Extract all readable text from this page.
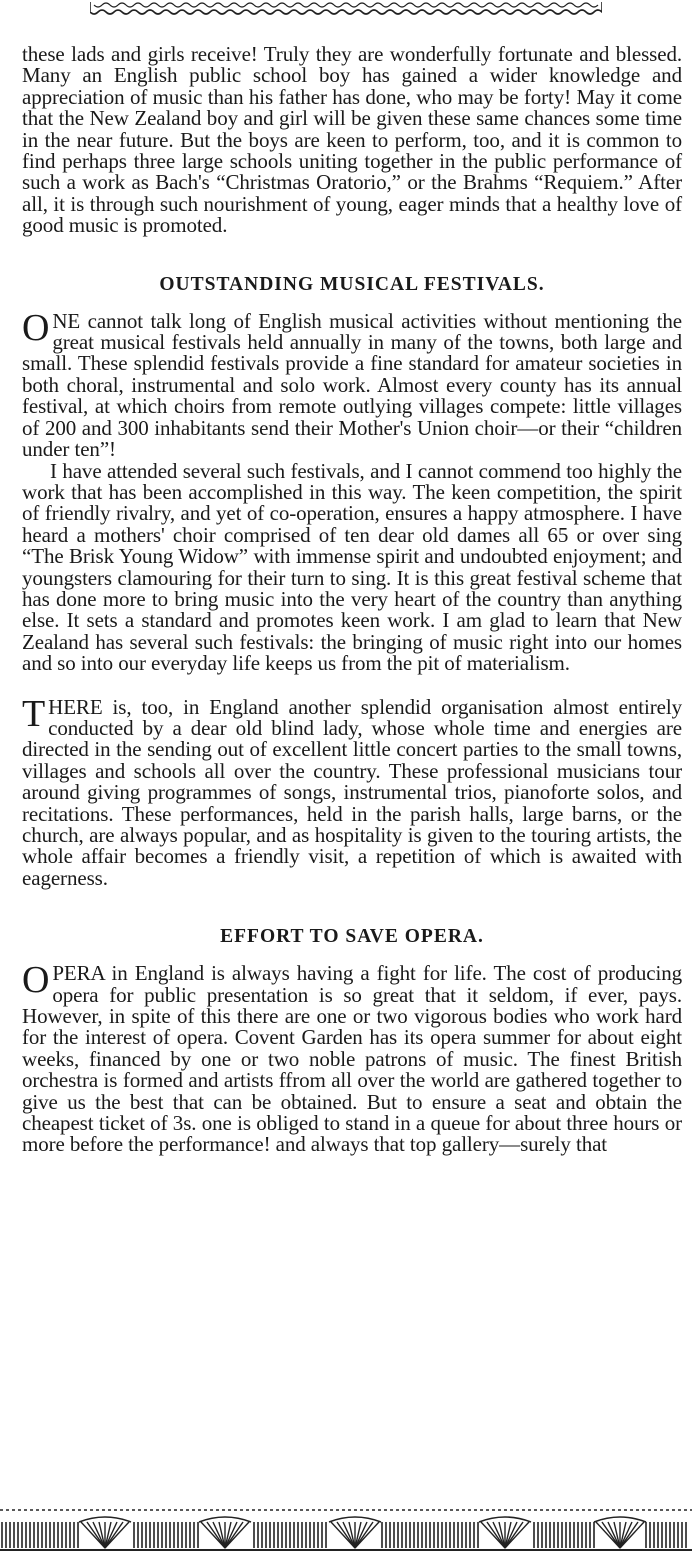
these lads and girls receive! Truly they are wonderfully fortunate and blessed. Many an English public school boy has gained a wider knowledge and appreciation of music than his father has done, who may be forty! May it come that the New Zealand boy and girl will be given these same chances some time in the near future. But the boys are keen to perform, too, and it is common to find perhaps three large schools uniting together in the public performance of such a work as Bach's “Christmas Oratorio,” or the Brahms “Requiem.” After all, it is through such nourishment of young, eager minds that a healthy love of good music is promoted.

OUTSTANDING MUSICAL FESTIVALS.

ONE cannot talk long of English musical activities without mentioning the great musical festivals held annually in many of the towns, both large and small. These splendid festivals provide a fine standard for amateur societies in both choral, instrumental and solo work. Almost every county has its annual festival, at which choirs from remote outlying villages compete: little villages of 200 and 300 inhabitants send their Mother's Union choir—or their “children under ten”!

I have attended several such festivals, and I cannot commend too highly the work that has been accomplished in this way. The keen competition, the spirit of friendly rivalry, and yet of co-operation, ensures a happy atmosphere. I have heard a mothers' choir comprised of ten dear old dames all 65 or over sing “The Brisk Young Widow” with immense spirit and undoubted enjoyment; and youngsters clamouring for their turn to sing. It is this great festival scheme that has done more to bring music into the very heart of the country than anything else. It sets a standard and promotes keen work. I am glad to learn that New Zealand has several such festivals: the bringing of music right into our homes and so into our everyday life keeps us from the pit of materialism.

THERE is, too, in England another splendid organisation almost entirely conducted by a dear old blind lady, whose whole time and energies are directed in the sending out of excellent little concert parties to the small towns, villages and schools all over the country. These professional musicians tour around giving programmes of songs, instrumental trios, pianoforte solos, and recitations. These performances, held in the parish halls, large barns, or the church, are always popular, and as hospitality is given to the touring artists, the whole affair becomes a friendly visit, a repetition of which is awaited with eagerness.

EFFORT TO SAVE OPERA.

OPERA in England is always having a fight for life. The cost of producing opera for public presentation is so great that it seldom, if ever, pays. However, in spite of this there are one or two vigorous bodies who work hard for the interest of opera. Covent Garden has its opera summer for about eight weeks, financed by one or two noble patrons of music. The finest British orchestra is formed and artists ffrom all over the world are gathered together to give us the best that can be obtained. But to ensure a seat and obtain the cheapest ticket of 3s. one is obliged to stand in a queue for about three hours or more before the performance! and always that top gallery—surely that
